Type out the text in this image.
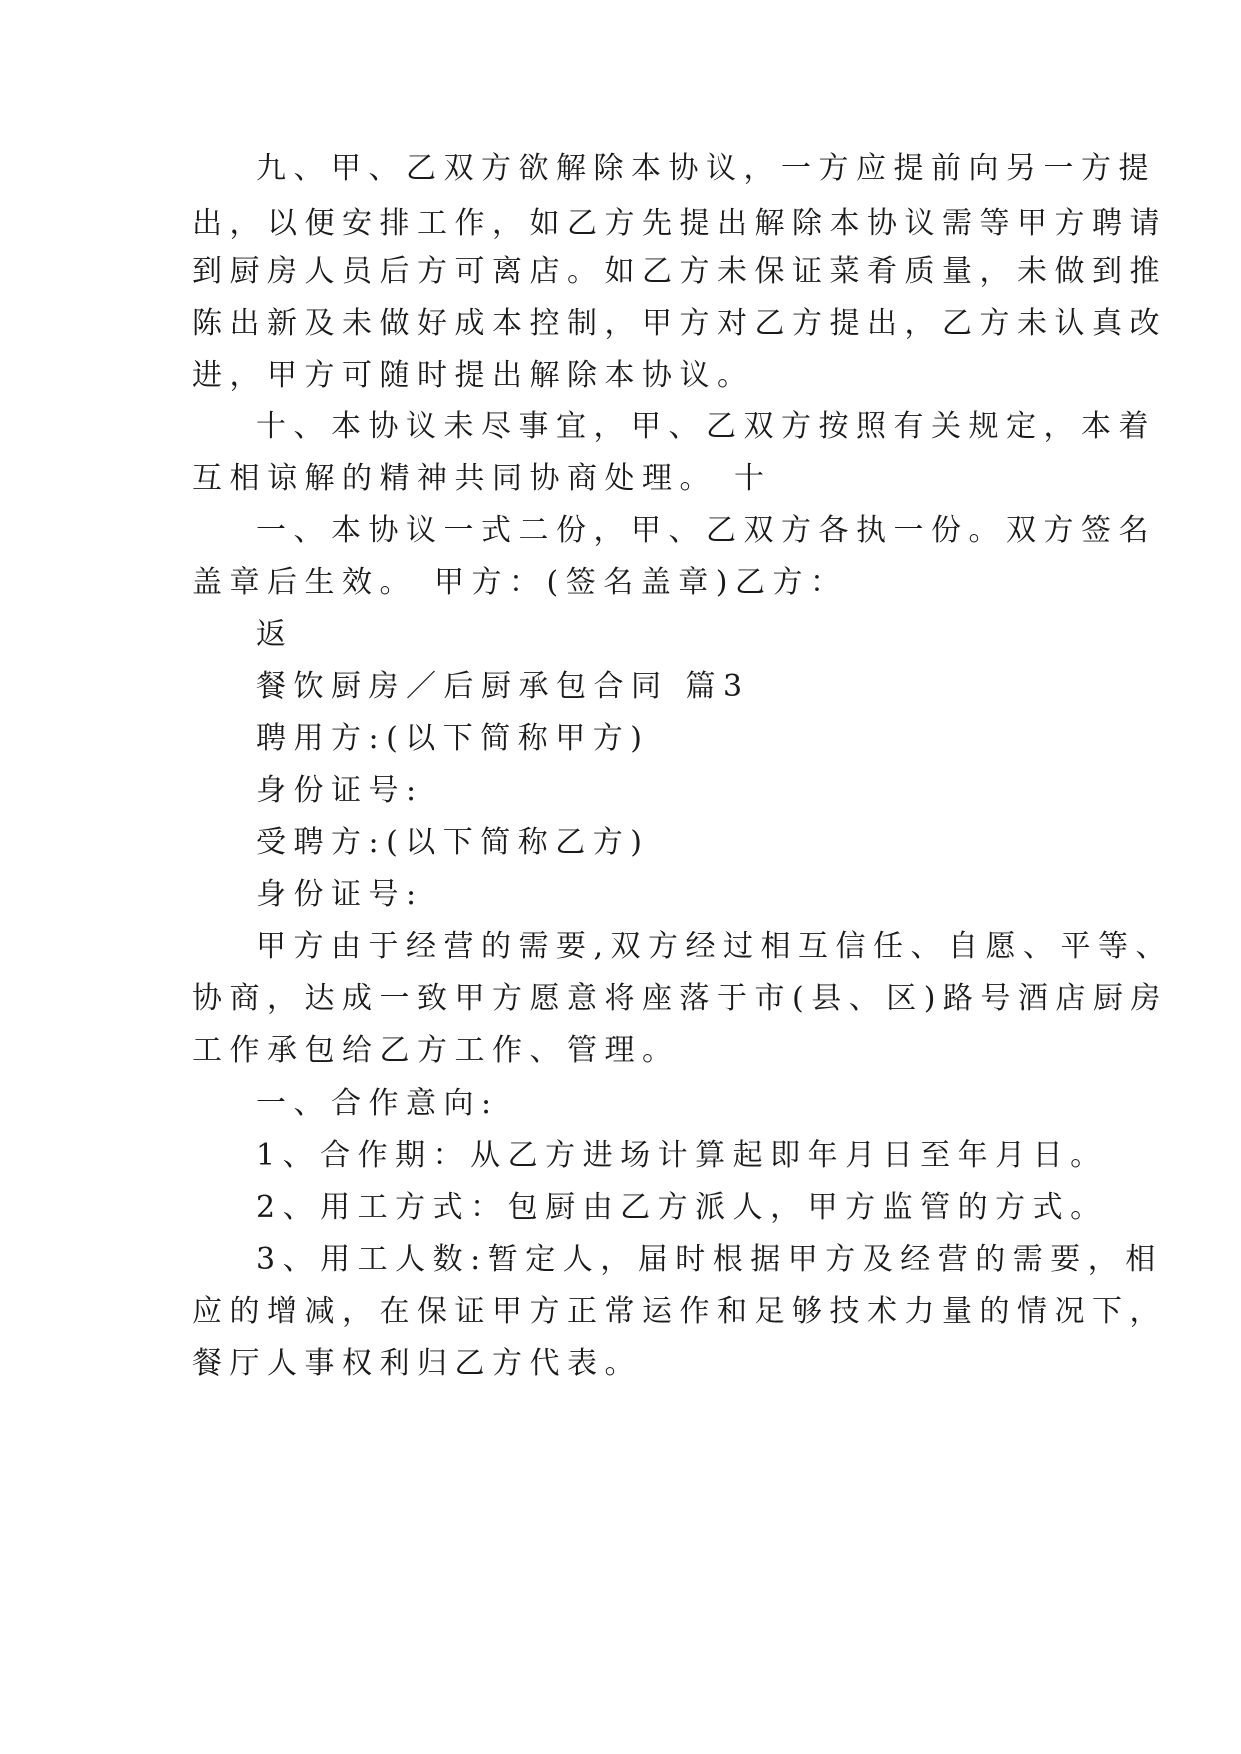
九、甲、乙双方欲解除本协议，一方应提前向另一方提
出，以便安排工作，如乙方先提出解除本协议需等甲方聘请
到厨房人员后方可离店。如乙方未保证菜肴质量，未做到推
陈出新及未做好成本控制，甲方对乙方提出，乙方未认真改
进，甲方可随时提出解除本协议。
十、本协议未尽事宜，甲、乙双方按照有关规定，本着
互相谅解的精神共同协商处理。 十
一、本协议一式二份，甲、乙双方各执一份。双方签名
盖章后生效。 甲方：(签名盖章)乙方：
返
餐饮厨房／后厨承包合同 篇3
聘用方:(以下简称甲方)
身份证号:
受聘方:(以下简称乙方)
身份证号:
甲方由于经营的需要,双方经过相互信任、自愿、平等、
协商，达成一致甲方愿意将座落于市(县、区)路号酒店厨房
工作承包给乙方工作、管理。
一、合作意向:
1、合作期：从乙方进场计算起即年月日至年月日。
2、用工方式：包厨由乙方派人，甲方监管的方式。
3、用工人数:暂定人，届时根据甲方及经营的需要，相
应的增减，在保证甲方正常运作和足够技术力量的情况下，
餐厅人事权利归乙方代表。
